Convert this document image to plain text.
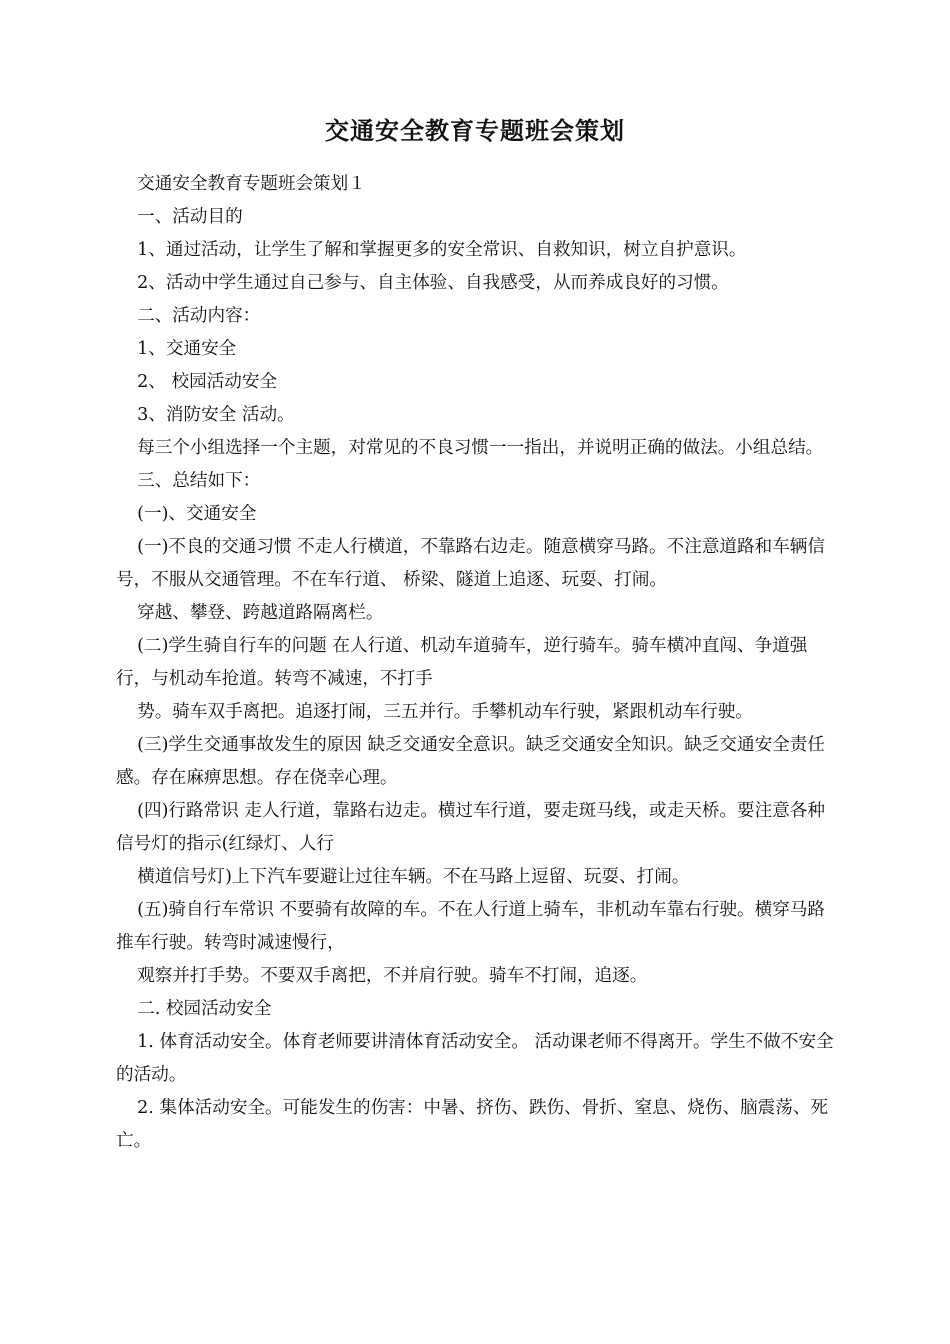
交通安全教育专题班会策划

交通安全教育专题班会策划１

一、活动目的

1、通过活动，让学生了解和掌握更多的安全常识、自救知识，树立自护意识。

2、活动中学生通过自己参与、自主体验、自我感受，从而养成良好的习惯。

二、活动内容：

1、交通安全

2、 校园活动安全

3、消防安全 活动。

每三个小组选择一个主题，对常见的不良习惯一一指出，并说明正确的做法。小组总结。

三、总结如下：

(一)、交通安全

(一)不良的交通习惯 不走人行横道，不靠路右边走。随意横穿马路。不注意道路和车辆信号，不服从交通管理。不在车行道、 桥梁、隧道上追逐、玩耍、打闹。

穿越、攀登、跨越道路隔离栏。

(二)学生骑自行车的问题 在人行道、机动车道骑车，逆行骑车。骑车横冲直闯、争道强行，与机动车抢道。转弯不减速，不打手

势。骑车双手离把。追逐打闹，三五并行。手攀机动车行驶，紧跟机动车行驶。

(三)学生交通事故发生的原因 缺乏交通安全意识。缺乏交通安全知识。缺乏交通安全责任感。存在麻痹思想。存在侥幸心理。

(四)行路常识 走人行道，靠路右边走。横过车行道，要走斑马线，或走天桥。要注意各种信号灯的指示(红绿灯、人行

横道信号灯)上下汽车要避让过往车辆。不在马路上逗留、玩耍、打闹。

(五)骑自行车常识 不要骑有故障的车。不在人行道上骑车，非机动车靠右行驶。横穿马路推车行驶。转弯时减速慢行，

观察并打手势。不要双手离把，不并肩行驶。骑车不打闹，追逐。

二. 校园活动安全

1. 体育活动安全。体育老师要讲清体育活动安全。 活动课老师不得离开。学生不做不安全的活动。

2. 集体活动安全。可能发生的伤害：中暑、挤伤、跌伤、骨折、窒息、烧伤、脑震荡、死亡。
